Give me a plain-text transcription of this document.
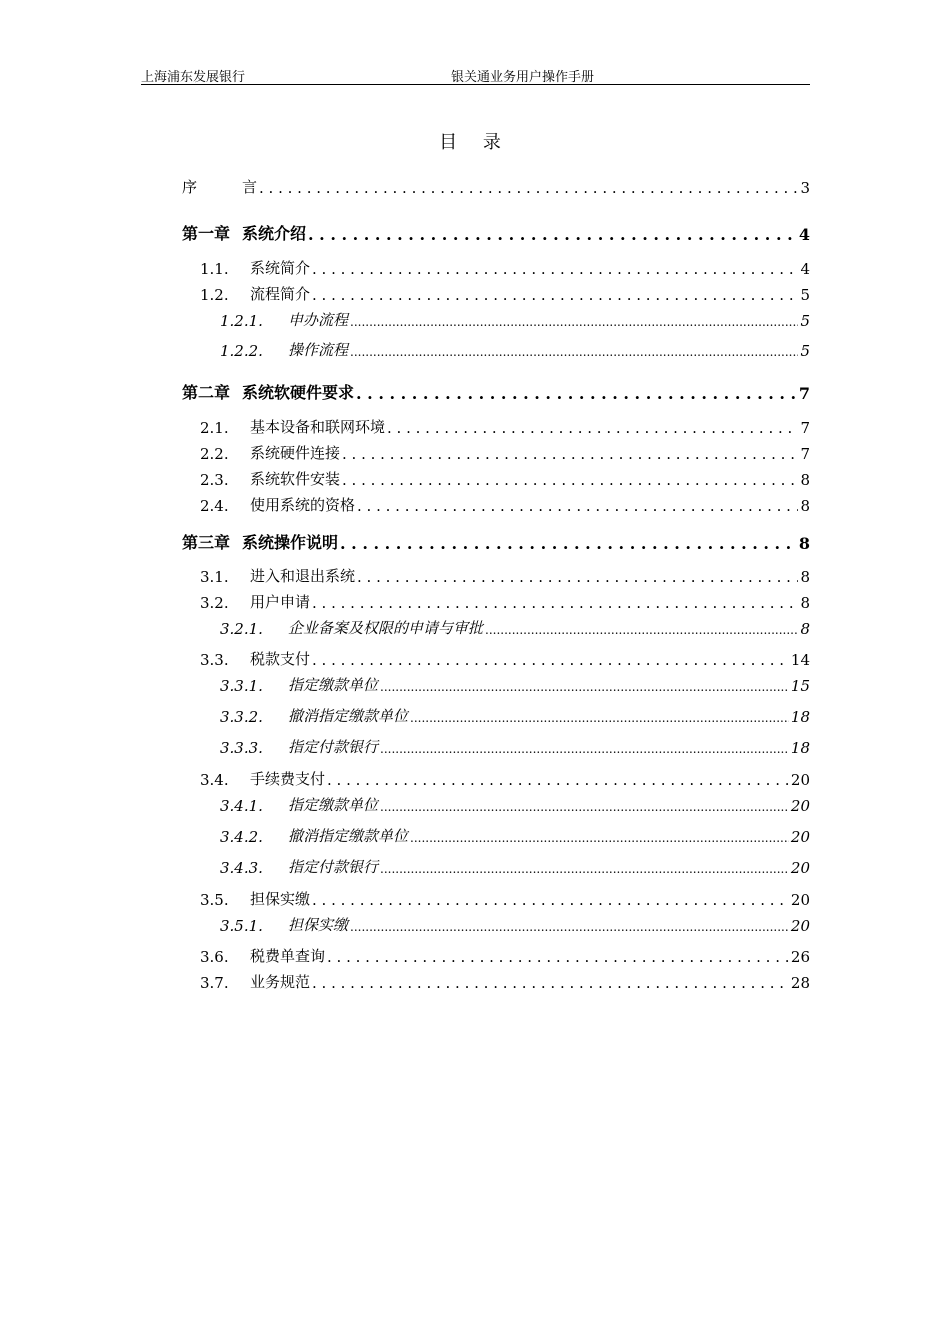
上海浦东发展银行	银关通业务用户操作手册
目 录
序	言 . . .	3
第一章 系统介绍 . . .	4
1.1.	系统简介 . . .	4
1.2.	流程简介 . . .	5
1.2.1.	申办流程 .....	5
1.2.2.	操作流程 .....	5
第二章 系统软硬件要求 . . .	7
2.1.	基本设备和联网环境 . . .	7
2.2.	系统硬件连接 . . .	7
2.3.	系统软件安装 . . .	8
2.4.	使用系统的资格 . . .	8
第三章 系统操作说明 . . .	8
3.1.	进入和退出系统 . . .	8
3.2.	用户申请 . . .	8
3.2.1.	企业备案及权限的申请与审批 .....	8
3.3.	税款支付 . . .	14
3.3.1.	指定缴款单位 .....	15
3.3.2.	撤消指定缴款单位 .....	18
3.3.3.	指定付款银行 .....	18
3.4.	手续费支付 . . .	20
3.4.1.	指定缴款单位 .....	20
3.4.2.	撤消指定缴款单位 .....	20
3.4.3.	指定付款银行 .....	20
3.5.	担保实缴 . . .	20
3.5.1.	担保实缴 .....	20
3.6.	税费单查询 . . .	26
3.7.	业务规范 . . .	28
